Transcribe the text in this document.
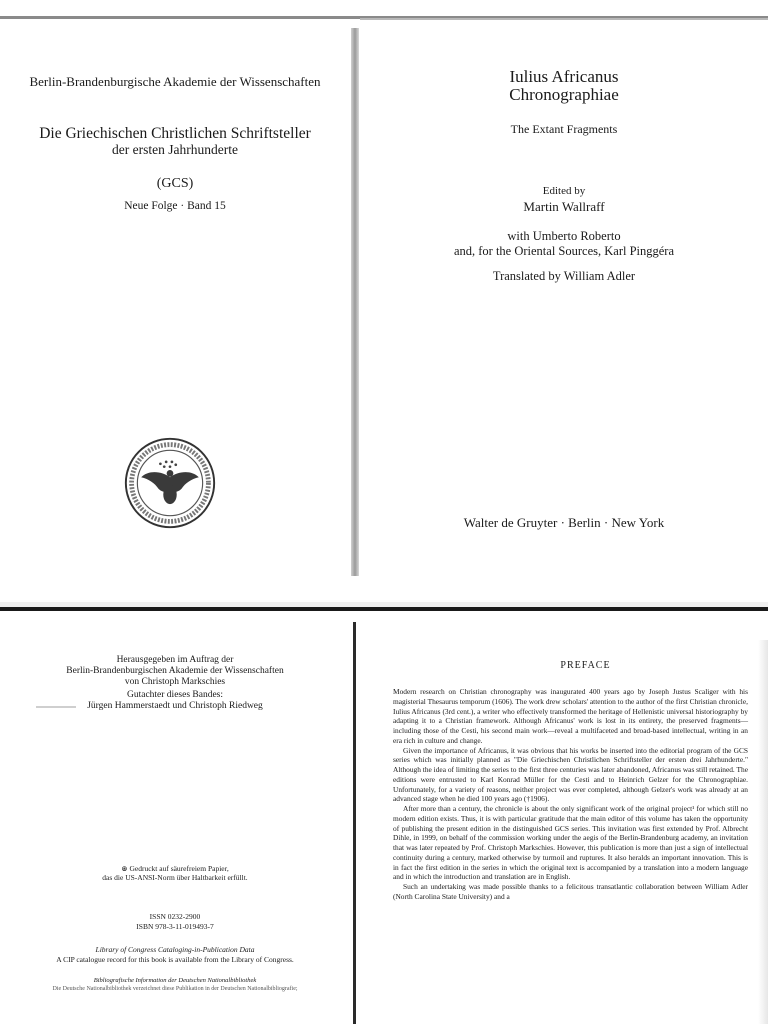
Berlin-Brandenburgische Akademie der Wissenschaften
Die Griechischen Christlichen Schriftsteller
der ersten Jahrhunderte
(GCS)
Neue Folge · Band 15
Iulius Africanus
Chronographiae
The Extant Fragments
Edited by
Martin Wallraff
with Umberto Roberto
and, for the Oriental Sources, Karl Pinggéra
Translated by William Adler
Walter de Gruyter · Berlin · New York
Herausgegeben im Auftrag der
Berlin-Brandenburgischen Akademie der Wissenschaften
von Christoph Markschies
Gutachter dieses Bandes:
Jürgen Hammerstaedt und Christoph Riedweg
⊛ Gedruckt auf säurefreiem Papier,
das die US-ANSI-Norm über Haltbarkeit erfüllt.
ISSN 0232-2900
ISBN 978-3-11-019493-7
Library of Congress Cataloging-in-Publication Data
A CIP catalogue record for this book is available from the Library of Congress.
Bibliografische Information der Deutschen Nationalbibliothek
Die Deutsche Nationalbibliothek verzeichnet diese Publikation in der Deutschen Nationalbibliografie;
PREFACE

Modern research on Christian chronography was inaugurated 400 years ago by Joseph Justus Scaliger with his magisterial Thesaurus temporum (1606). The work drew scholars' attention to the author of the first Christian chronicle, Iulius Africanus (3rd cent.), a writer who effectively transformed the heritage of Hellenistic universal historiography by adapting it to a Christian framework. Although Africanus' work is lost in its entirety, the preserved fragments—including those of the Cesti, his second main work—reveal a multifaceted and broad-based intellectual, writing in an era rich in culture and change.

Given the importance of Africanus, it was obvious that his works be inserted into the editorial program of the GCS series which was initially planned as "Die Griechischen Christlichen Schriftsteller der ersten drei Jahrhunderte." Although the idea of limiting the series to the first three centuries was later abandoned, Africanus was still retained. The editions were entrusted to Karl Konrad Müller for the Cesti and to Heinrich Gelzer for the Chronographiae. Unfortunately, for a variety of reasons, neither project was ever completed, although Gelzer's work was already at an advanced stage when he died 100 years ago (†1906).

After more than a century, the chronicle is about the only significant work of the original project¹ for which still no modern edition exists. Thus, it is with particular gratitude that the main editor of this volume has taken the opportunity of publishing the present edition in the distinguished GCS series. This invitation was first extended by Prof. Albrecht Dihle, in 1999, on behalf of the commission working under the aegis of the Berlin-Brandenburg academy, an invitation that was later repeated by Prof. Christoph Markschies. However, this publication is more than just a sign of intellectual continuity during a century, marked otherwise by turmoil and ruptures. It also heralds an important innovation. This is in fact the first edition in the series in which the original text is accompanied by a translation into a modern language and in which the introduction and translation are in English.

Such an undertaking was made possible thanks to a felicitous transatlantic collaboration between William Adler (North Carolina State University) and a
